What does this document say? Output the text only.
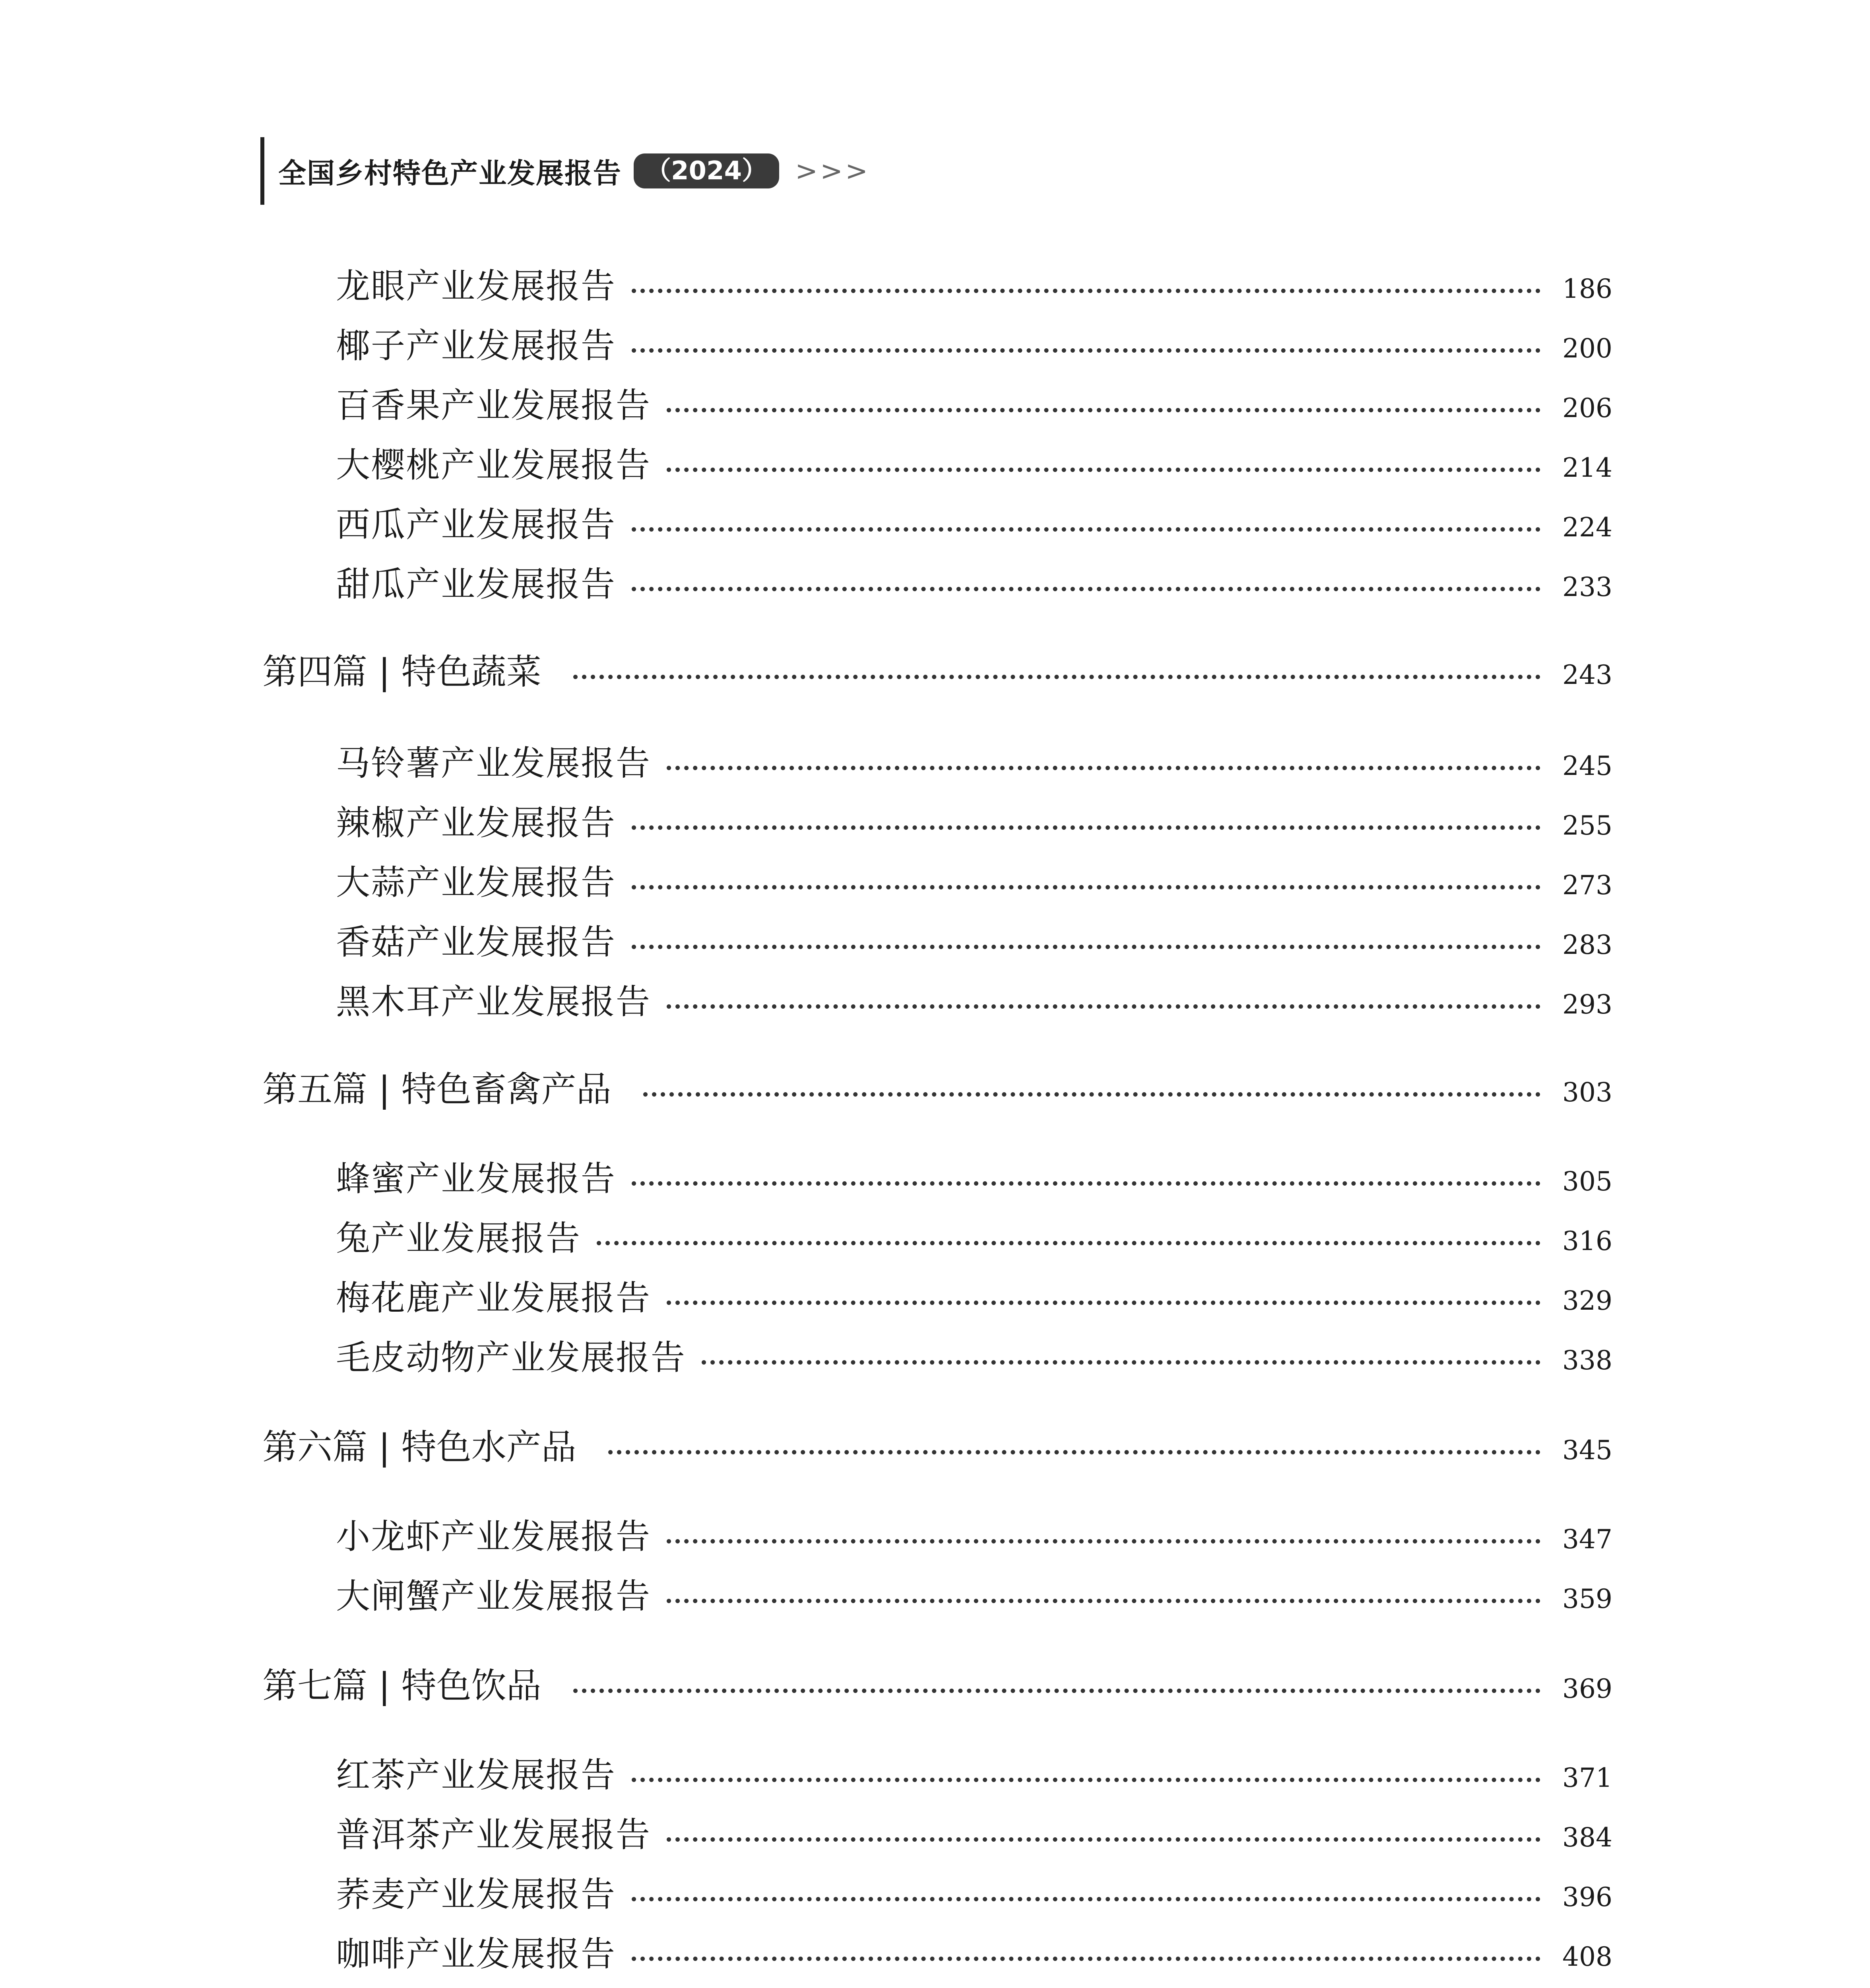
全国乡村特色产业发展报告 （2024）	>>>
龙眼产业发展报告	186
椰子产业发展报告	200
百香果产业发展报告	206
大樱桃产业发展报告	214
西瓜产业发展报告	224
甜瓜产业发展报告	233
第四篇 | 特色蔬菜	243
马铃薯产业发展报告	245
辣椒产业发展报告	255
大蒜产业发展报告	273
香菇产业发展报告	283
黑木耳产业发展报告	293
第五篇 | 特色畜禽产品	303
蜂蜜产业发展报告	305
兔产业发展报告	316
梅花鹿产业发展报告	329
毛皮动物产业发展报告	338
第六篇 | 特色水产品	345
小龙虾产业发展报告	347
大闸蟹产业发展报告	359
第七篇 | 特色饮品	369
红茶产业发展报告	371
普洱茶产业发展报告	384
荞麦产业发展报告	396
咖啡产业发展报告	408
